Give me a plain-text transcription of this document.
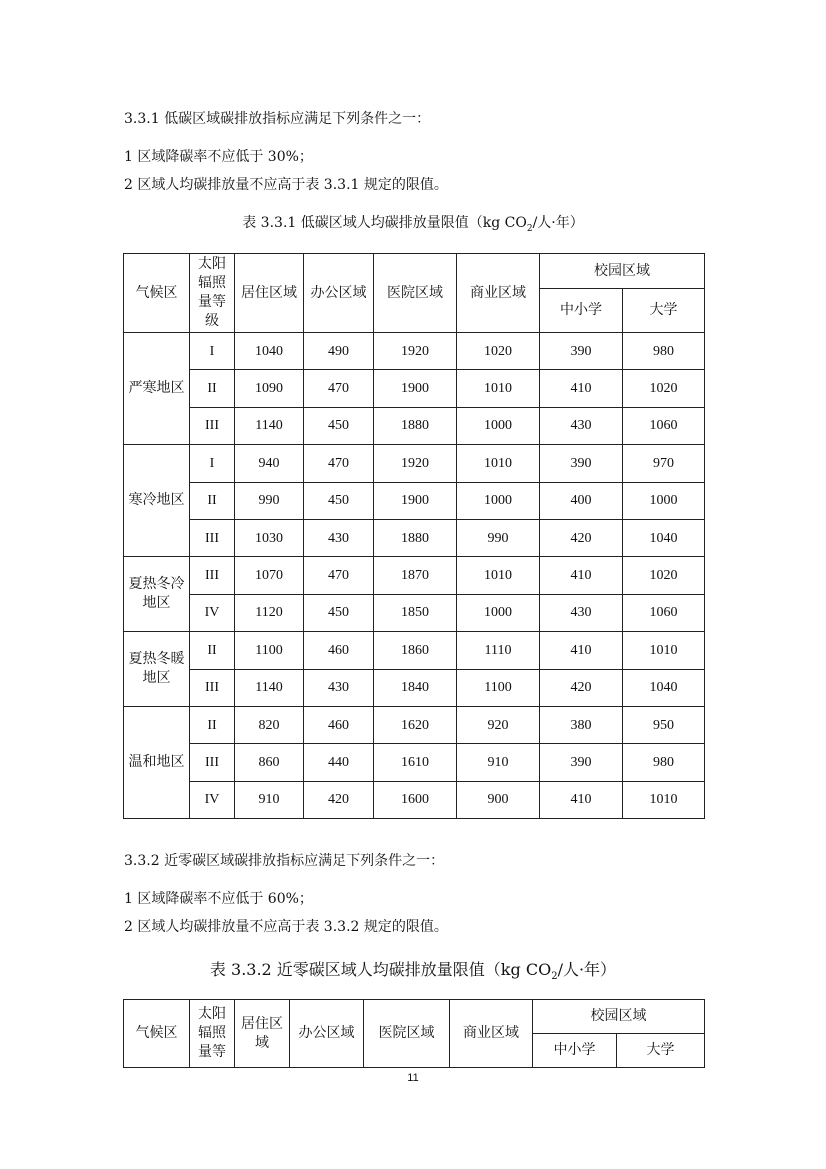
3.3.1 低碳区域碳排放指标应满足下列条件之一：
1 区域降碳率不应低于 30%；
2 区域人均碳排放量不应高于表 3.3.1 规定的限值。
表 3.3.1 低碳区域人均碳排放量限值（kg $CO_2/$人·年）
气候区	太阳辐照量等级	居住区域	办公区域	医院区域	商业区域	校园区域	
						中小学	大学
严寒地区	I	1040	490	1920	1020	390	980
	II	1090	470	1900	1010	410	1020
	III	1140	450	1880	1000	430	1060
寒冷地区	I	940	470	1920	1010	390	970
	II	990	450	1900	1000	400	1000
	III	1030	430	1880	990	420	1040
夏热冬冷地区	III	1070	470	1870	1010	410	1020
	IV	1120	450	1850	1000	430	1060
夏热冬暖地区	II	1100	460	1860	1110	410	1010
	III	1140	430	1840	1100	420	1040
温和地区	II	820	460	1620	920	380	950
	III	860	440	1610	910	390	980
	IV	910	420	1600	900	410	1010
3.3.2 近零碳区域碳排放指标应满足下列条件之一：
1 区域降碳率不应低于 60%；
2 区域人均碳排放量不应高于表 3.3.2 规定的限值。
表 3.3.2 近零碳区域人均碳排放量限值（kg $CO_2/$人·年）
气候区	太阳辐照量等	居住区域	办公区域	医院区域	商业区域	校园区域	
						中小学	大学
11
